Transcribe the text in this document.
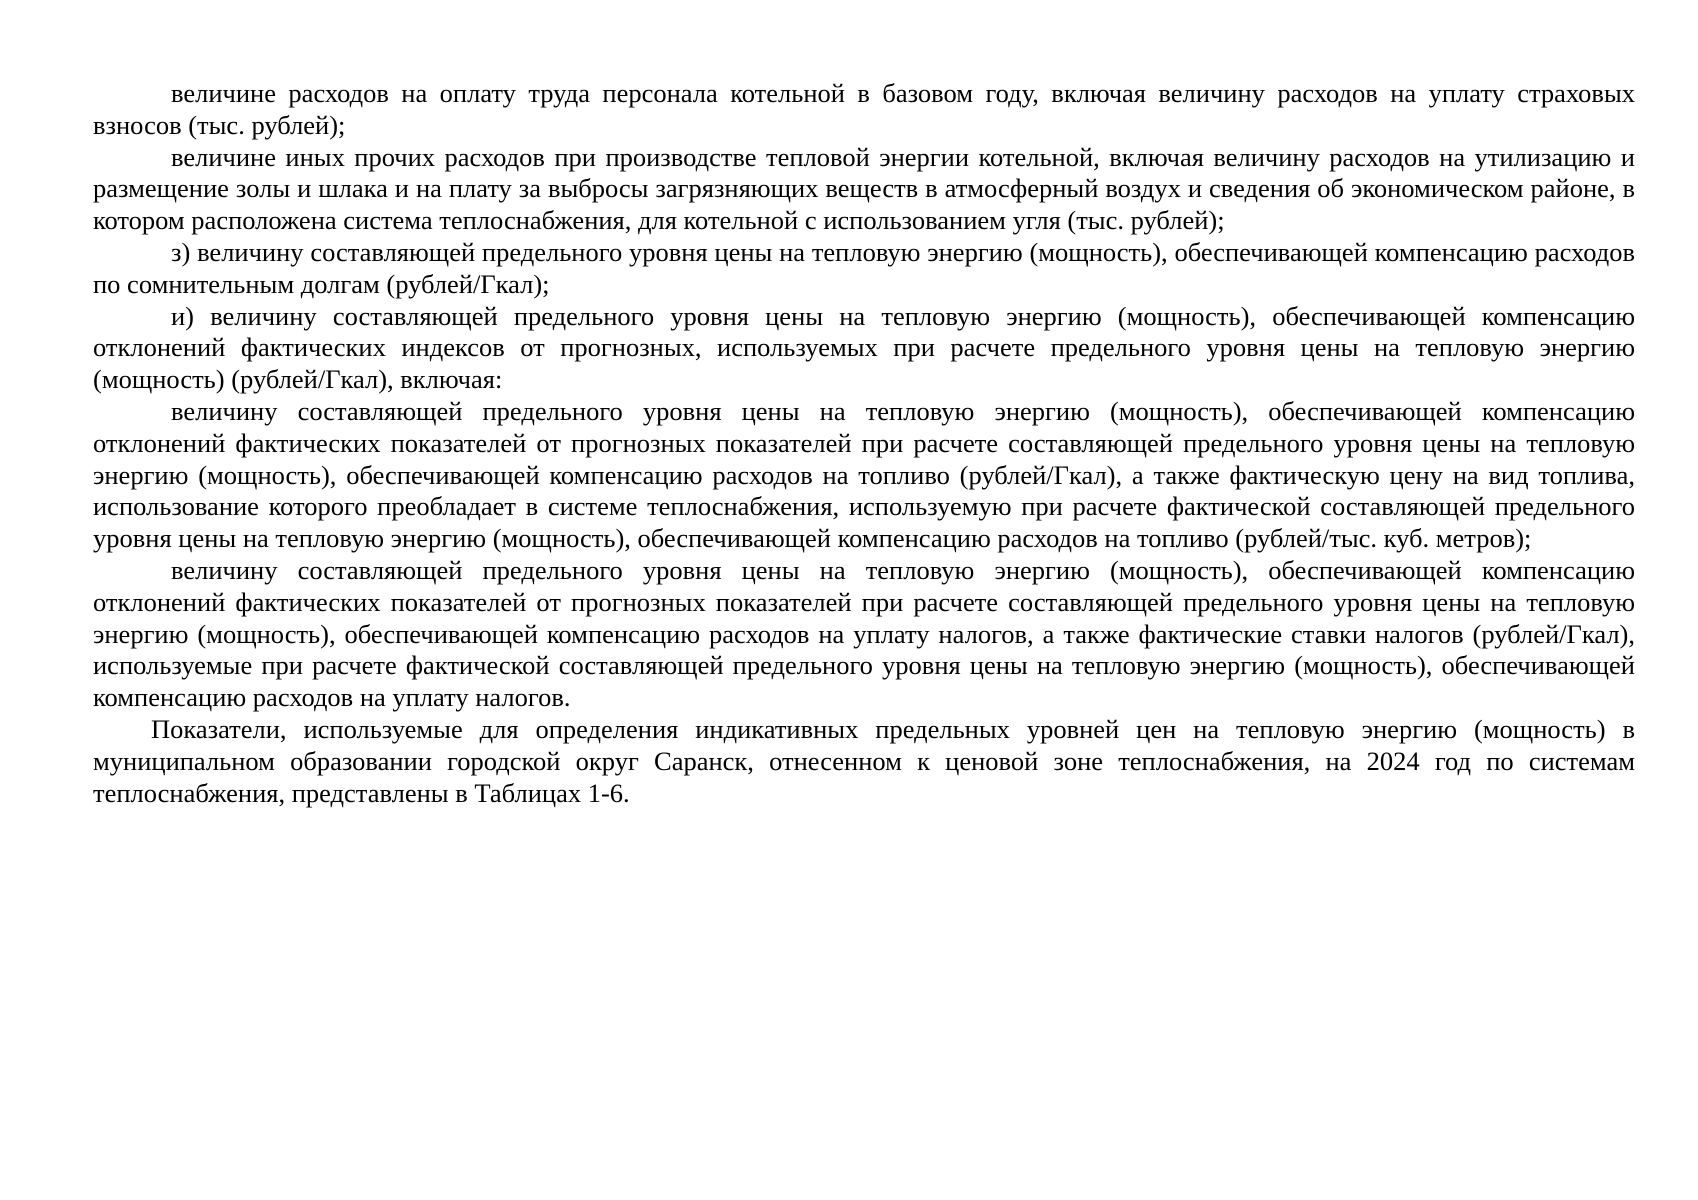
величине расходов на оплату труда персонала котельной в базовом году, включая величину расходов на уплату страховых взносов (тыс. рублей);

величине иных прочих расходов при производстве тепловой энергии котельной, включая величину расходов на утилизацию и размещение золы и шлака и на плату за выбросы загрязняющих веществ в атмосферный воздух и сведения об экономическом районе, в котором расположена система теплоснабжения, для котельной с использованием угля (тыс. рублей);

з) величину составляющей предельного уровня цены на тепловую энергию (мощность), обеспечивающей компенсацию расходов по сомнительным долгам (рублей/Гкал);

и) величину составляющей предельного уровня цены на тепловую энергию (мощность), обеспечивающей компенсацию отклонений фактических индексов от прогнозных, используемых при расчете предельного уровня цены на тепловую энергию (мощность) (рублей/Гкал), включая:

величину составляющей предельного уровня цены на тепловую энергию (мощность), обеспечивающей компенсацию отклонений фактических показателей от прогнозных показателей при расчете составляющей предельного уровня цены на тепловую энергию (мощность), обеспечивающей компенсацию расходов на топливо (рублей/Гкал), а также фактическую цену на вид топлива, использование которого преобладает в системе теплоснабжения, используемую при расчете фактической составляющей предельного уровня цены на тепловую энергию (мощность), обеспечивающей компенсацию расходов на топливо (рублей/тыс. куб. метров);

величину составляющей предельного уровня цены на тепловую энергию (мощность), обеспечивающей компенсацию отклонений фактических показателей от прогнозных показателей при расчете составляющей предельного уровня цены на тепловую энергию (мощность), обеспечивающей компенсацию расходов на уплату налогов, а также фактические ставки налогов (рублей/Гкал), используемые при расчете фактической составляющей предельного уровня цены на тепловую энергию (мощность), обеспечивающей компенсацию расходов на уплату налогов.

Показатели, используемые для определения индикативных предельных уровней цен на тепловую энергию (мощность) в муниципальном образовании городской округ Саранск, отнесенном к ценовой зоне теплоснабжения, на 2024 год по системам теплоснабжения, представлены в Таблицах 1-6.
